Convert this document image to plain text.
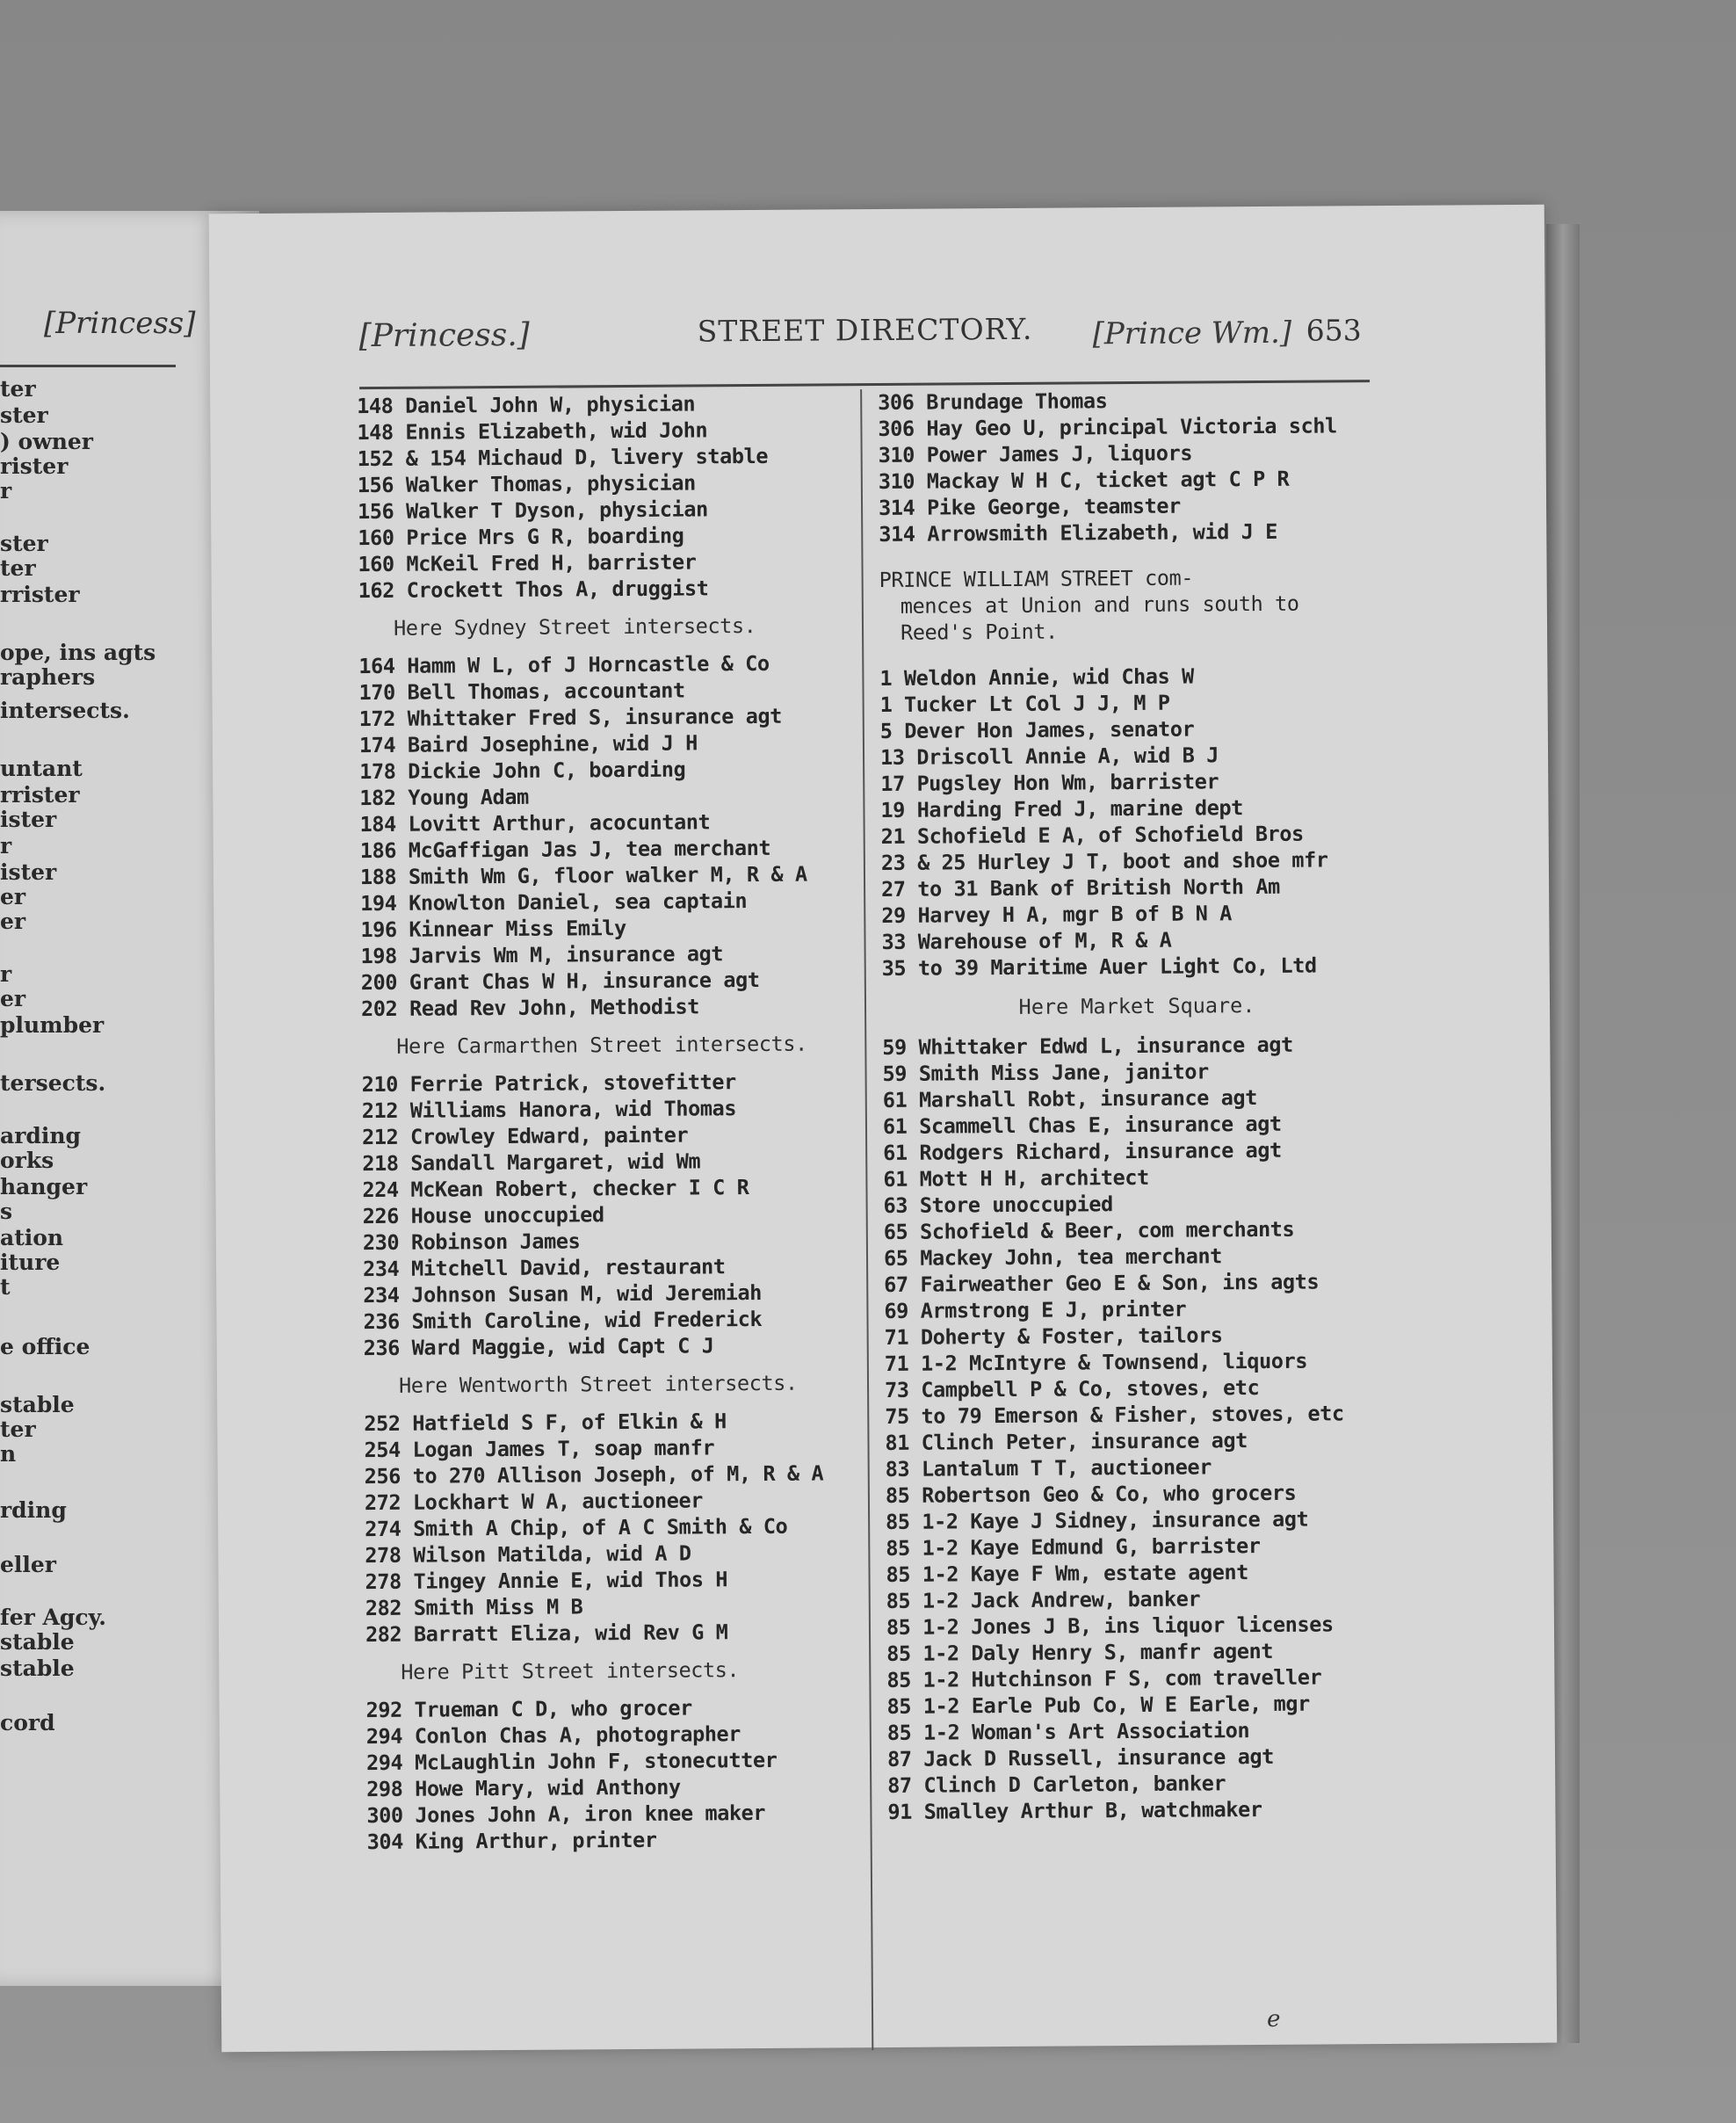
[Princess]
ter
ster
) owner
rister
r
ster
ter
rrister
ope, ins agts
raphers
intersects.
untant
rrister
ister
r
ister
er
er
r
er
plumber
tersects.
arding
orks
hanger
s
ation
iture
t
e office
stable
ter
n
rding
eller
fer Agcy.
stable
stable
cord
[Princess.]	STREET DIRECTORY. [Prince Wm.] 653
148 Daniel John W, physician
148 Ennis Elizabeth, wid John
152 & 154 Michaud D, livery stable
156 Walker Thomas, physician
156 Walker T Dyson, physician
160 Price Mrs G R, boarding
160 McKeil Fred H, barrister
162 Crockett Thos A, druggist
Here Sydney Street intersects.
164 Hamm W L, of J Horncastle & Co
170 Bell Thomas, accountant
172 Whittaker Fred S, insurance agt
174 Baird Josephine, wid J H
178 Dickie John C, boarding
182 Young Adam
184 Lovitt Arthur, acocuntant
186 McGaffigan Jas J, tea merchant
188 Smith Wm G, floor walker M, R & A
194 Knowlton Daniel, sea captain
196 Kinnear Miss Emily
198 Jarvis Wm M, insurance agt
200 Grant Chas W H, insurance agt
202 Read Rev John, Methodist
Here Carmarthen Street intersects.
210 Ferrie Patrick, stovefitter
212 Williams Hanora, wid Thomas
212 Crowley Edward, painter
218 Sandall Margaret, wid Wm
224 McKean Robert, checker I C R
226 House unoccupied
230 Robinson James
234 Mitchell David, restaurant
234 Johnson Susan M, wid Jeremiah
236 Smith Caroline, wid Frederick
236 Ward Maggie, wid Capt C J
Here Wentworth Street intersects.
252 Hatfield S F, of Elkin & H
254 Logan James T, soap manfr
256 to 270 Allison Joseph, of M, R & A
272 Lockhart W A, auctioneer
274 Smith A Chip, of A C Smith & Co
278 Wilson Matilda, wid A D
278 Tingey Annie E, wid Thos H
282 Smith Miss M B
282 Barratt Eliza, wid Rev G M
Here Pitt Street intersects.
292 Trueman C D, who grocer
294 Conlon Chas A, photographer
294 McLaughlin John F, stonecutter
298 Howe Mary, wid Anthony
300 Jones John A, iron knee maker
304 King Arthur, printer
306 Brundage Thomas
306 Hay Geo U, principal Victoria schl
310 Power James J, liquors
310 Mackay W H C, ticket agt C P R
314 Pike George, teamster
314 Arrowsmith Elizabeth, wid J E
PRINCE WILLIAM STREET com-
mences at Union and runs south to
Reed's Point.
1 Weldon Annie, wid Chas W
1 Tucker Lt Col J J, M P
5 Dever Hon James, senator
13 Driscoll Annie A, wid B J
17 Pugsley Hon Wm, barrister
19 Harding Fred J, marine dept
21 Schofield E A, of Schofield Bros
23 & 25 Hurley J T, boot and shoe mfr
27 to 31 Bank of British North Am
29 Harvey H A, mgr B of B N A
33 Warehouse of M, R & A
35 to 39 Maritime Auer Light Co, Ltd
Here Market Square.
59 Whittaker Edwd L, insurance agt
59 Smith Miss Jane, janitor
61 Marshall Robt, insurance agt
61 Scammell Chas E, insurance agt
61 Rodgers Richard, insurance agt
61 Mott H H, architect
63 Store unoccupied
65 Schofield & Beer, com merchants
65 Mackey John, tea merchant
67 Fairweather Geo E & Son, ins agts
69 Armstrong E J, printer
71 Doherty & Foster, tailors
71 1-2 McIntyre & Townsend, liquors
73 Campbell P & Co, stoves, etc
75 to 79 Emerson & Fisher, stoves, etc
81 Clinch Peter, insurance agt
83 Lantalum T T, auctioneer
85 Robertson Geo & Co, who grocers
85 1-2 Kaye J Sidney, insurance agt
85 1-2 Kaye Edmund G, barrister
85 1-2 Kaye F Wm, estate agent
85 1-2 Jack Andrew, banker
85 1-2 Jones J B, ins liquor licenses
85 1-2 Daly Henry S, manfr agent
85 1-2 Hutchinson F S, com traveller
85 1-2 Earle Pub Co, W E Earle, mgr
85 1-2 Woman's Art Association
87 Jack D Russell, insurance agt
87 Clinch D Carleton, banker
91 Smalley Arthur B, watchmaker
e
